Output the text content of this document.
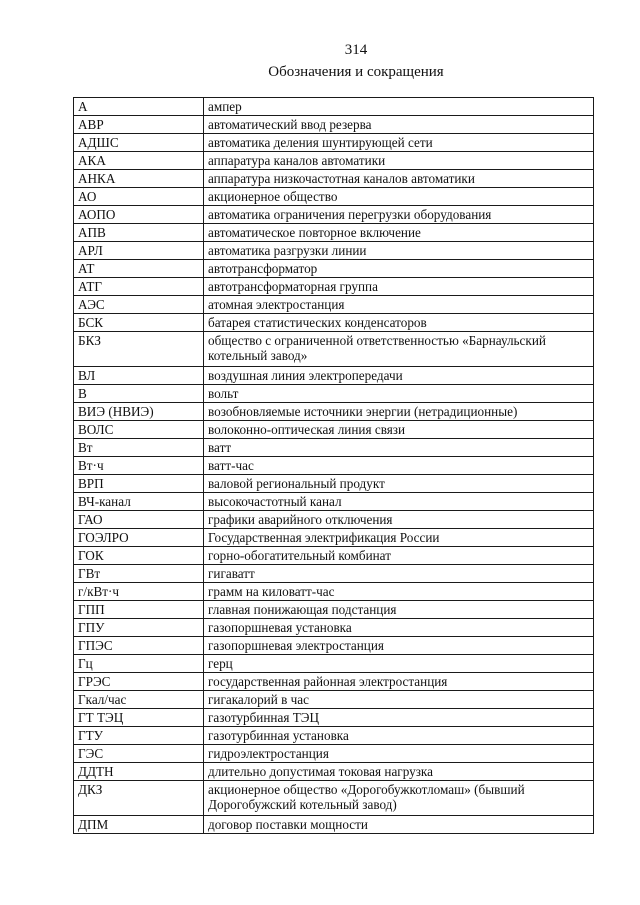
314
Обозначения и сокращения
А	ампер
АВР	автоматический ввод резерва
АДШС	автоматика деления шунтирующей сети
АКА	аппаратура каналов автоматики
АНКА	аппаратура низкочастотная каналов автоматики
АО	акционерное общество
АОПО	автоматика ограничения перегрузки оборудования
АПВ	автоматическое повторное включение
АРЛ	автоматика разгрузки линии
АТ	автотрансформатор
АТГ	автотрансформаторная группа
АЭС	атомная электростанция
БСК	батарея статистических конденсаторов
БКЗ	общество с ограниченной ответственностью «Барнаульский котельный завод»
ВЛ	воздушная линия электропередачи
В	вольт
ВИЭ (НВИЭ)	возобновляемые источники энергии (нетрадиционные)
ВОЛС	волоконно-оптическая линия связи
Вт	ватт
Вт·ч	ватт-час
ВРП	валовой региональный продукт
ВЧ-канал	высокочастотный канал
ГАО	графики аварийного отключения
ГОЭЛРО	Государственная электрификация России
ГОК	горно-обогатительный комбинат
ГВт	гигаватт
г/кВт·ч	грамм на киловатт-час
ГПП	главная понижающая подстанция
ГПУ	газопоршневая установка
ГПЭС	газопоршневая электростанция
Гц	герц
ГРЭС	государственная районная электростанция
Гкал/час	гигакалорий в час
ГТ ТЭЦ	газотурбинная ТЭЦ
ГТУ	газотурбинная установка
ГЭС	гидроэлектростанция
ДДТН	длительно допустимая токовая нагрузка
ДКЗ	акционерное общество «Дорогобужкотломаш» (бывший Дорогобужский котельный завод)
ДПМ	договор поставки мощности
